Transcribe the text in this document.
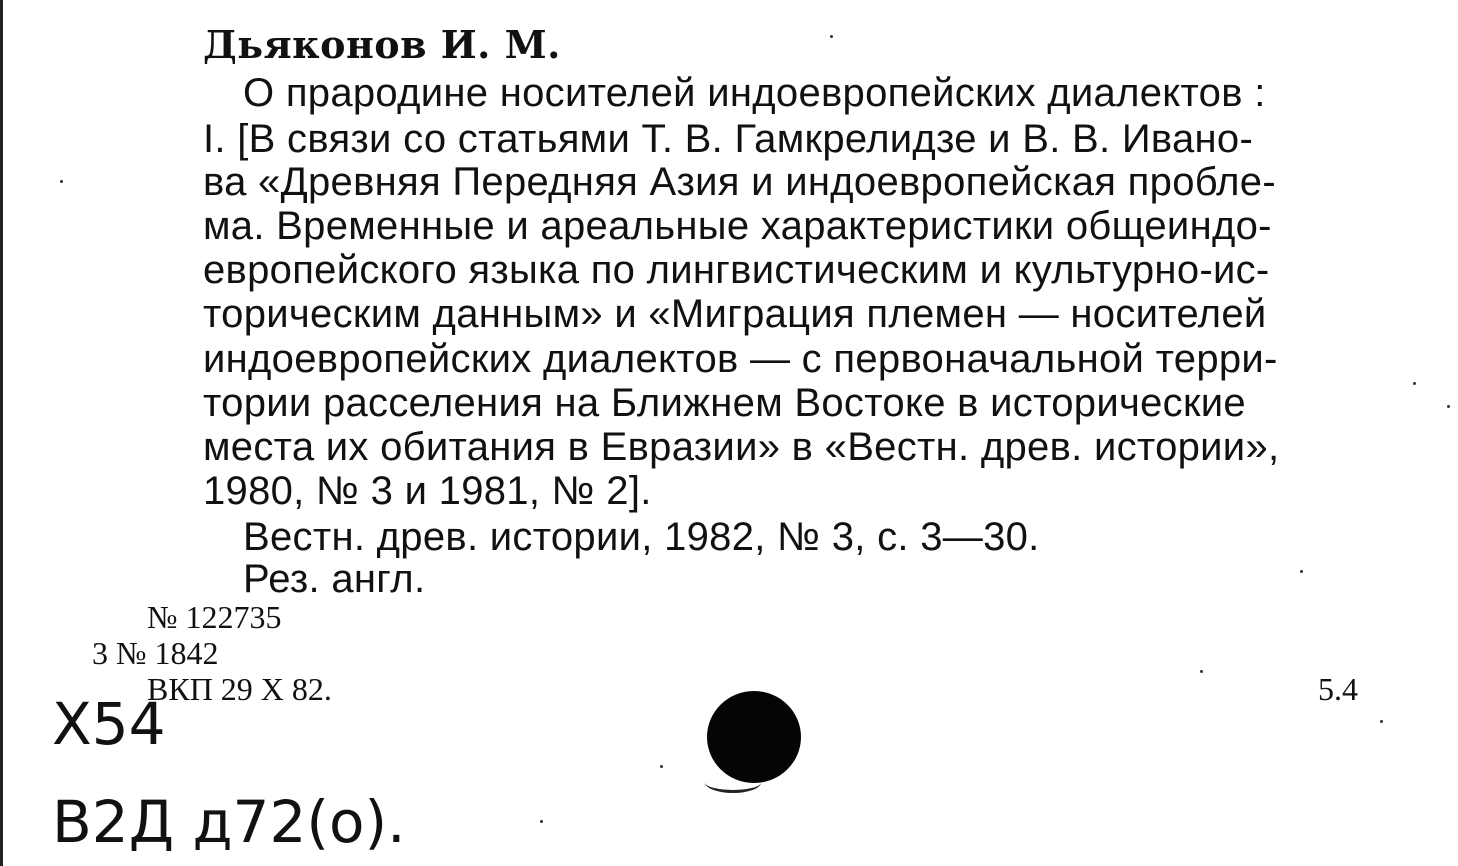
Дьяконов И. М.
О прародине носителей индоевропейских диалектов :
I. [В связи со статьями Т. В. Гамкрелидзе и В. В. Ивано-
ва «Древняя Передняя Азия и индоевропейская пробле-
ма. Временные и ареальные характеристики общеиндо-
европейского языка по лингвистическим и культурно-ис-
торическим данным» и «Миграция племен — носителей
индоевропейских диалектов — с первоначальной терри-
тории расселения на Ближнем Востоке в исторические
места их обитания в Евразии» в «Вестн. древ. истории»,
1980, № 3 и 1981, № 2].
Вестн. древ. истории, 1982, № 3, с. 3—30.
Рез. англ.
№ 122735
3 № 1842
ВКП 29 X 82.	5.4
Х54
В2Д д72(о).
